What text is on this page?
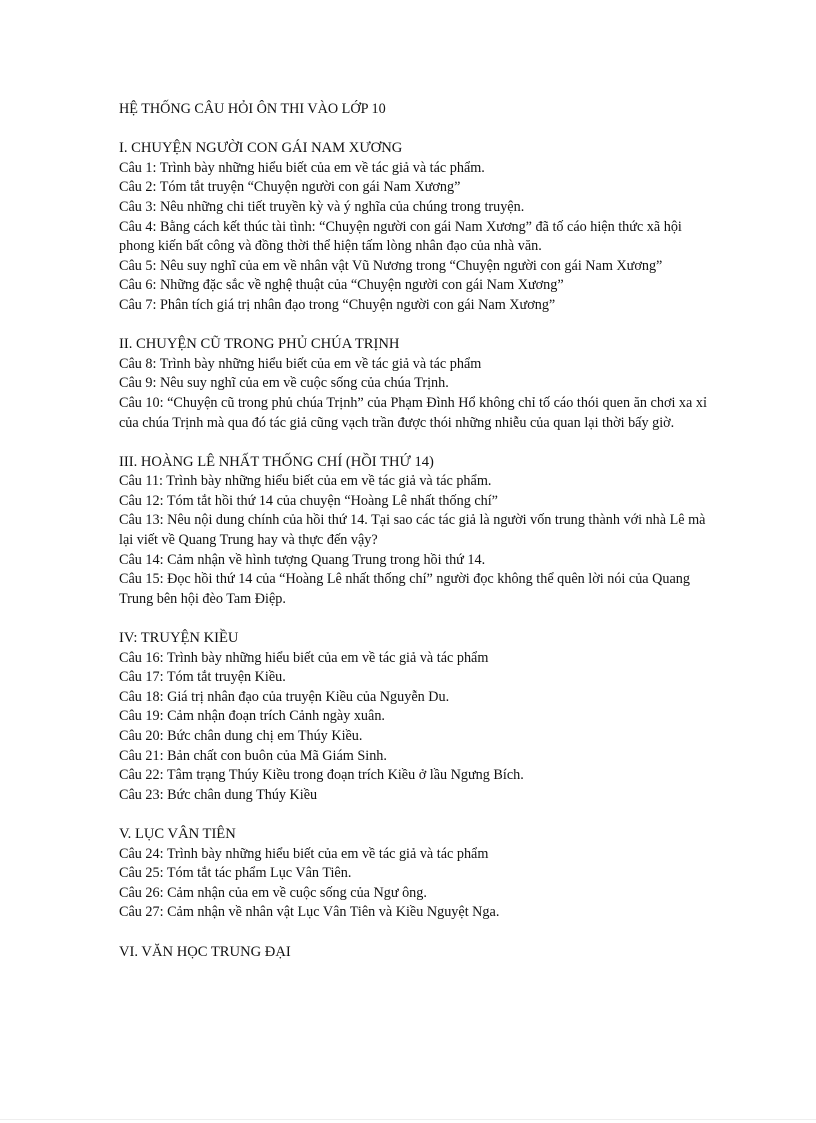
HỆ THỐNG CÂU HỎI ÔN THI VÀO LỚP 10
I. CHUYỆN NGƯỜI CON GÁI NAM XƯƠNG

Câu 1: Trình bày những hiểu biết của em về tác giả và tác phẩm.

Câu 2: Tóm tắt truyện “Chuyện người con gái Nam Xương”

Câu 3: Nêu những chi tiết truyền kỳ và ý nghĩa của chúng trong truyện.

Câu 4: Bằng cách kết thúc tài tình: “Chuyện người con gái Nam Xương” đã tố cáo hiện thức xã hội phong kiến bất công và đồng thời thể hiện tấm lòng nhân đạo của nhà văn.

Câu 5: Nêu suy nghĩ của em về nhân vật Vũ Nương trong “Chuyện người con gái Nam Xương”

Câu 6: Những đặc sắc về nghệ thuật của “Chuyện người con gái Nam Xương”

Câu 7: Phân tích giá trị nhân đạo trong “Chuyện người con gái Nam Xương”

II. CHUYỆN CŨ TRONG PHỦ CHÚA TRỊNH

Câu 8: Trình bày những hiểu biết của em về tác giả và tác phẩm

Câu 9: Nêu suy nghĩ của em về cuộc sống của chúa Trịnh.

Câu 10: “Chuyện cũ trong phủ chúa Trịnh” của Phạm Đình Hổ không chỉ tố cáo thói quen ăn chơi xa xỉ của chúa Trịnh mà qua đó tác giả cũng vạch trần được thói những nhiễu của quan lại thời bấy giờ.

III. HOÀNG LÊ NHẤT THỐNG CHÍ (HỒI THỨ 14)

Câu 11: Trình bày những hiểu biết của em về tác giả và tác phẩm.

Câu 12: Tóm tắt hồi thứ 14 của chuyện “Hoàng Lê nhất thống chí”

Câu 13: Nêu nội dung chính của hồi thứ 14. Tại sao các tác giả là người vốn trung thành với nhà Lê mà lại viết về Quang Trung hay và thực đến vậy?

Câu 14: Cảm nhận về hình tượng Quang Trung trong hồi thứ 14.

Câu 15: Đọc hồi thứ 14 của “Hoàng Lê nhất thống chí” người đọc không thể quên lời nói của Quang Trung bên hội đèo Tam Điệp.

IV: TRUYỆN KIỀU

Câu 16: Trình bày những hiểu biết của em về tác giả và tác phẩm

Câu 17: Tóm tắt truyện Kiều.

Câu 18: Giá trị nhân đạo của truyện Kiều của Nguyễn Du.

Câu 19: Cảm nhận đoạn trích Cảnh ngày xuân.

Câu 20: Bức chân dung chị em Thúy Kiều.

Câu 21: Bản chất con buôn của Mã Giám Sinh.

Câu 22: Tâm trạng Thúy Kiều trong đoạn trích Kiều ở lầu Ngưng Bích.

Câu 23: Bức chân dung Thúy Kiều

V. LỤC VÂN TIÊN

Câu 24: Trình bày những hiểu biết của em về tác giả và tác phẩm

Câu 25: Tóm tắt tác phẩm Lục Vân Tiên.

Câu 26: Cảm nhận của em về cuộc sống của Ngư ông.

Câu 27: Cảm nhận về nhân vật Lục Vân Tiên và Kiều Nguyệt Nga.

VI. VĂN HỌC TRUNG ĐẠI
